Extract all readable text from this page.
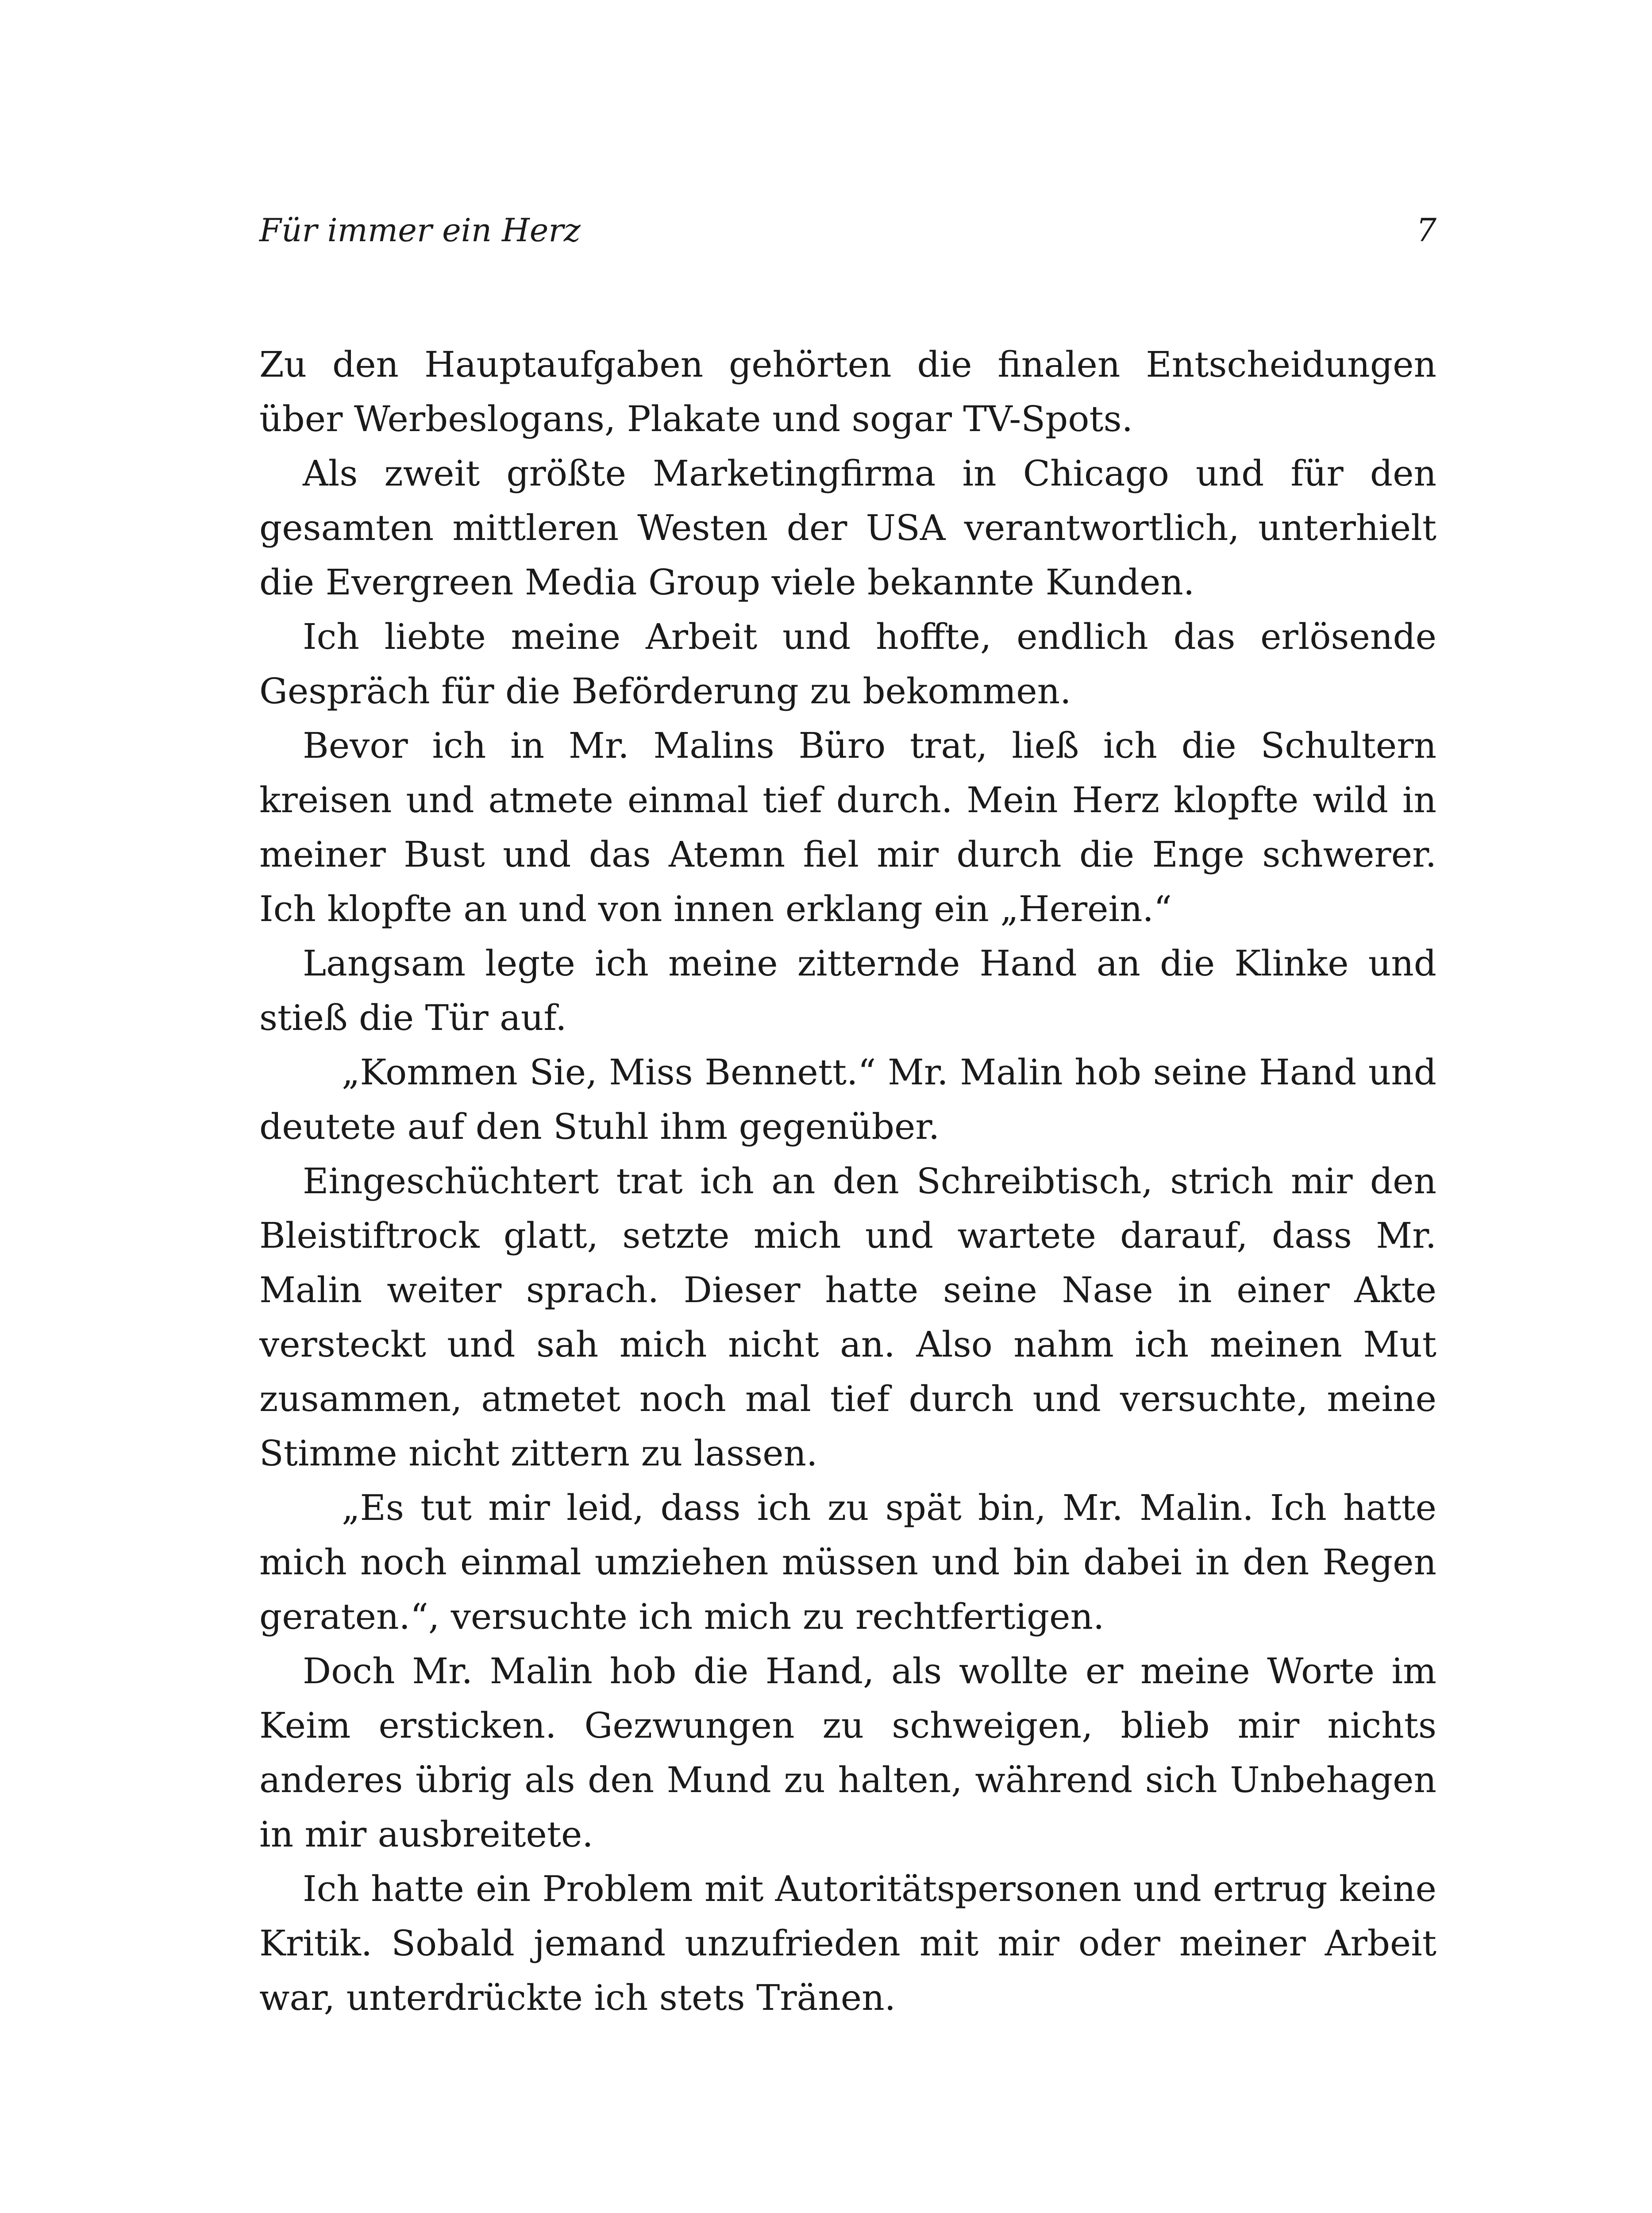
Für immer ein Herz	7

Zu den Hauptaufgaben gehörten die finalen Entscheidungen über Werbeslogans, Plakate und sogar TV-Spots.

Als zweit größte Marketingfirma in Chicago und für den gesamten mittleren Westen der USA verantwortlich, unterhielt die Evergreen Media Group viele bekannte Kunden.

Ich liebte meine Arbeit und hoffte, endlich das erlösende Gespräch für die Beförderung zu bekommen.

Bevor ich in Mr. Malins Büro trat, ließ ich die Schultern kreisen und atmete einmal tief durch. Mein Herz klopfte wild in meiner Bust und das Atemn fiel mir durch die Enge schwerer. Ich klopfte an und von innen erklang ein „Herein.“

Langsam legte ich meine zitternde Hand an die Klinke und stieß die Tür auf.

„Kommen Sie, Miss Bennett.“ Mr. Malin hob seine Hand und deutete auf den Stuhl ihm gegenüber.

Eingeschüchtert trat ich an den Schreibtisch, strich mir den Bleistiftrock glatt, setzte mich und wartete darauf, dass Mr. Malin weiter sprach. Dieser hatte seine Nase in einer Akte versteckt und sah mich nicht an. Also nahm ich meinen Mut zusammen, atmetet noch mal tief durch und versuchte, meine Stimme nicht zittern zu lassen.

„Es tut mir leid, dass ich zu spät bin, Mr. Malin. Ich hatte mich noch einmal umziehen müssen und bin dabei in den Regen geraten.“, versuchte ich mich zu rechtfertigen.

Doch Mr. Malin hob die Hand, als wollte er meine Worte im Keim ersticken. Gezwungen zu schweigen, blieb mir nichts anderes übrig als den Mund zu halten, während sich Unbehagen in mir ausbreitete.

Ich hatte ein Problem mit Autoritätspersonen und ertrug keine Kritik. Sobald jemand unzufrieden mit mir oder meiner Arbeit war, unterdrückte ich stets Tränen.
